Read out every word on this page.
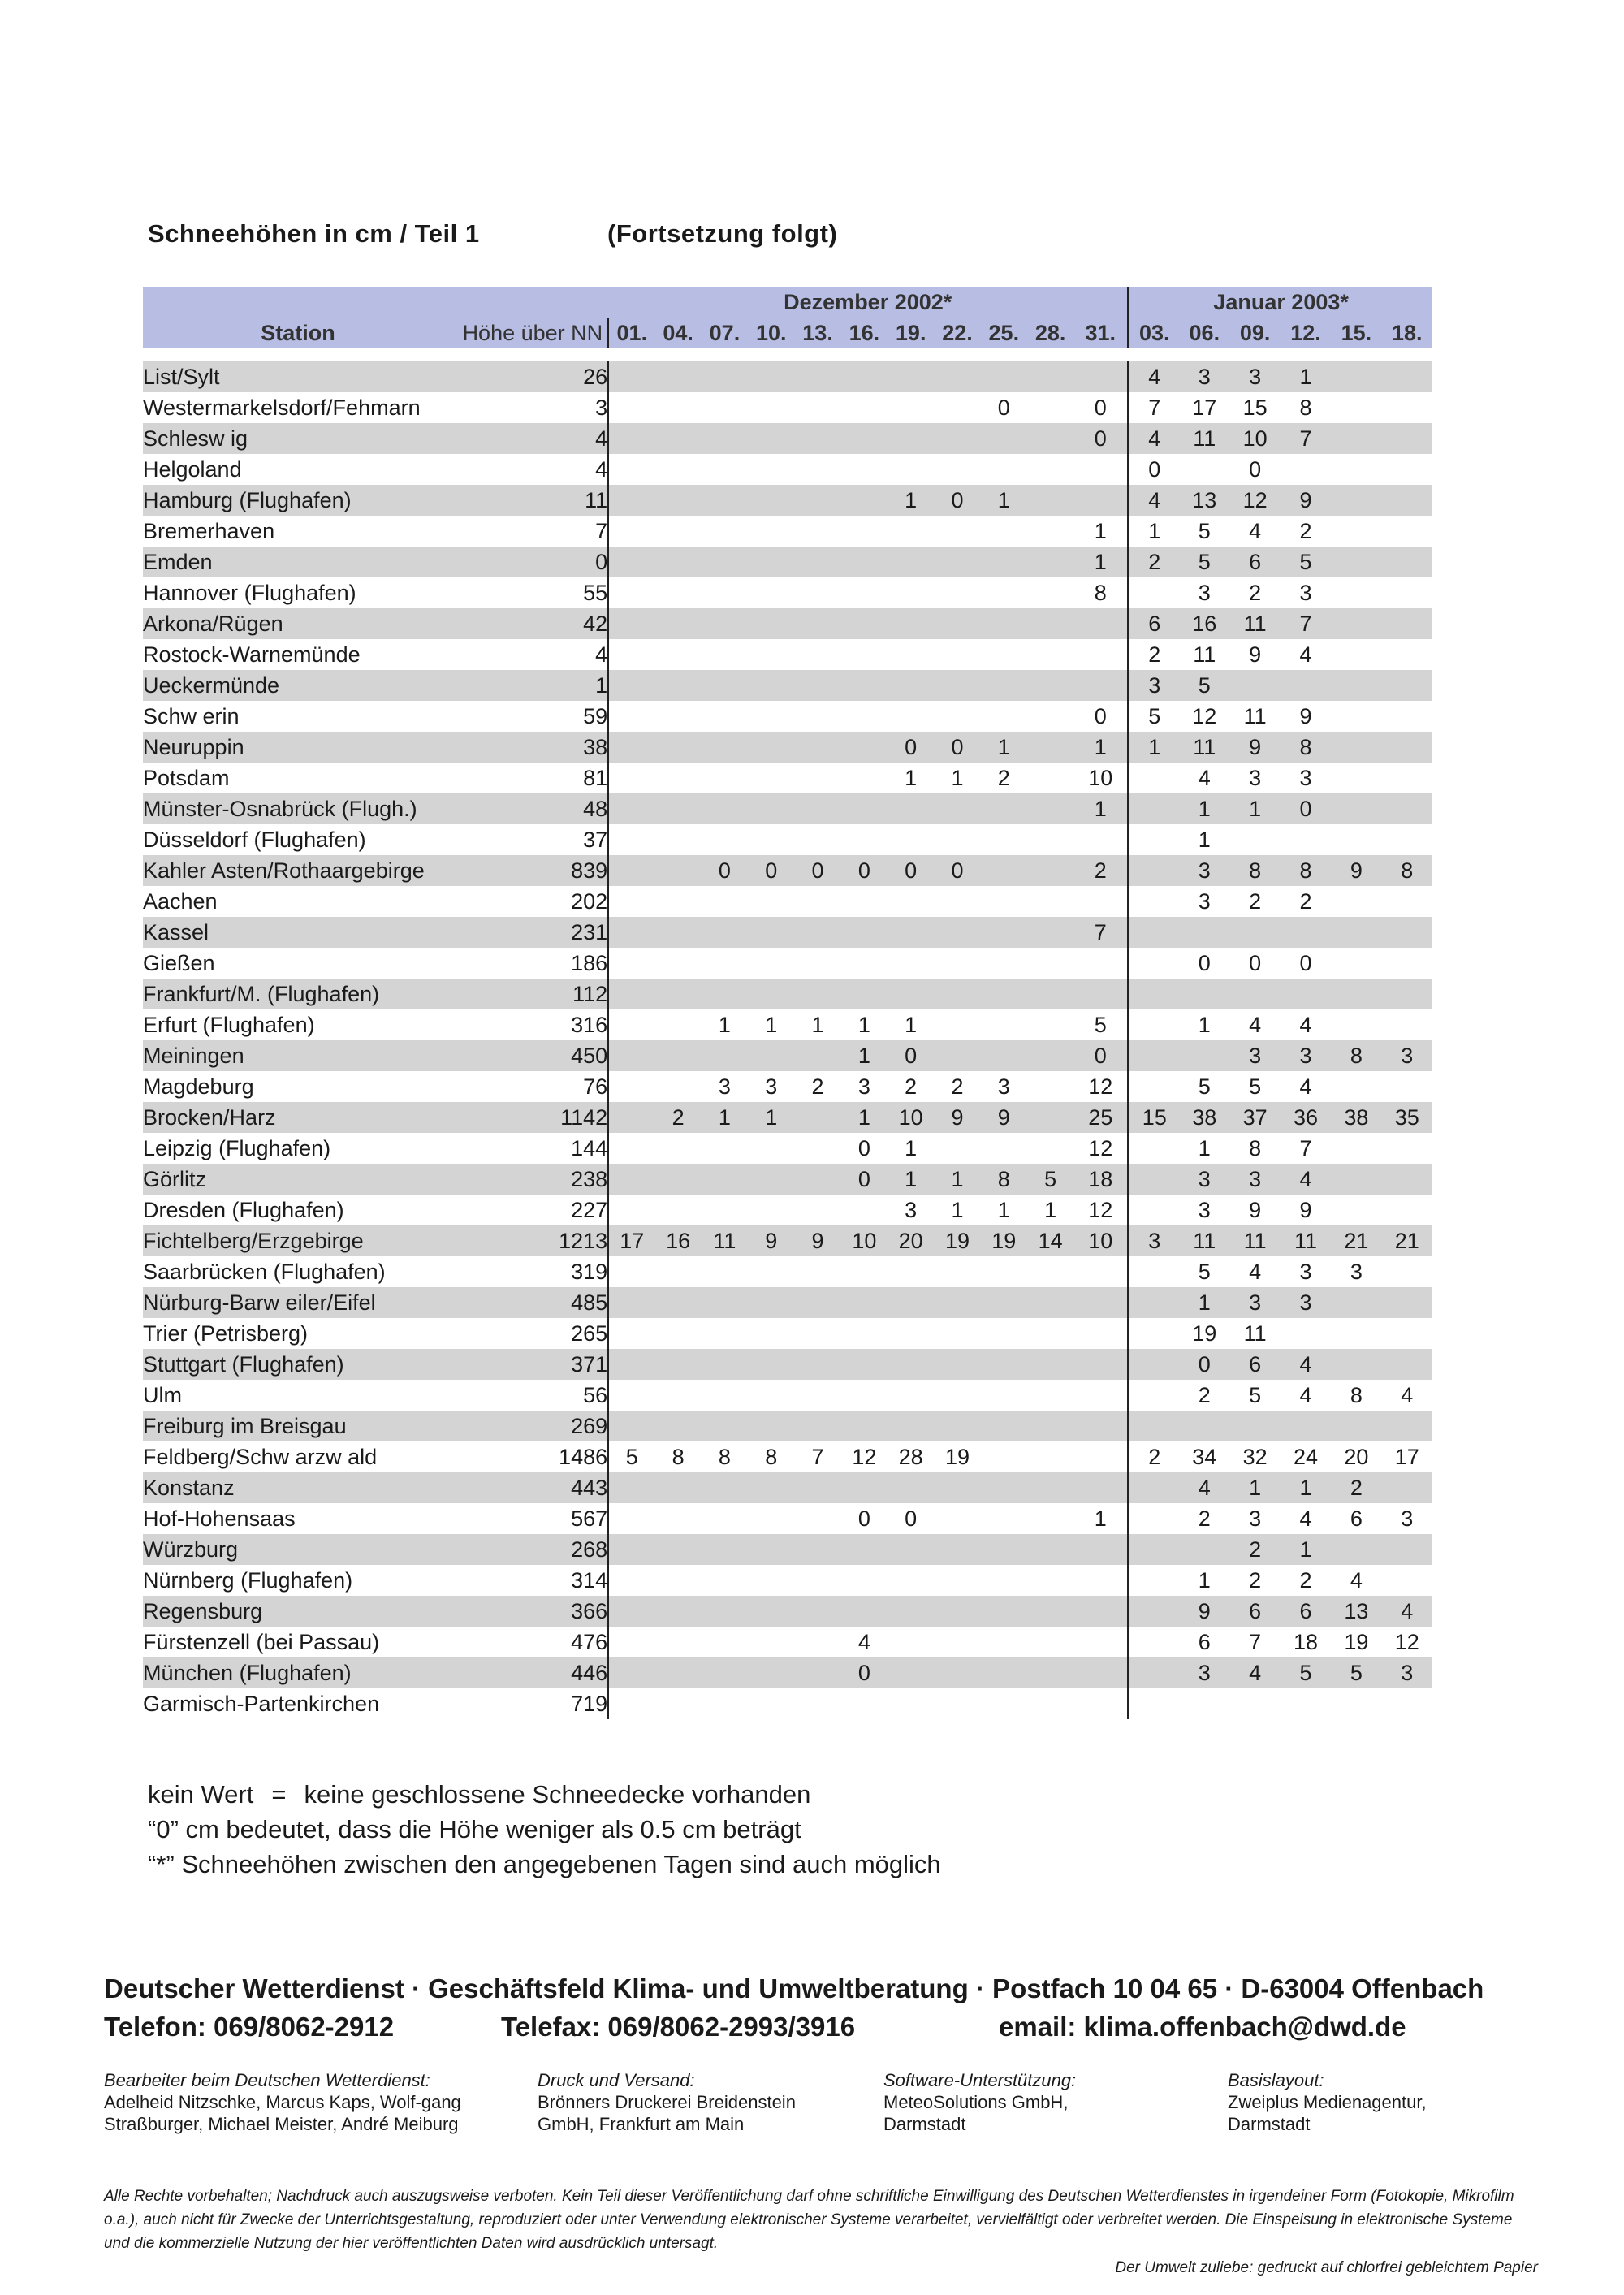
Schneehöhen in cm / Teil 1	(Fortsetzung folgt)
		Dezember 2002*											Januar 2003*					
Station	Höhe über NN	01.	04.	07.	10.	13.	16.	19.	22.	25.	28.	31.	03.	06.	09.	12.	15.	18.

List/Sylt	26												4	3	3	1		
Westermarkelsdorf/Fehmarn	3									0		0	7	17	15	8		
Schlesw ig	4											0	4	11	10	7		
Helgoland	4												0		0			
Hamburg (Flughafen)	11							1	0	1			4	13	12	9		
Bremerhaven	7											1	1	5	4	2		
Emden	0											1	2	5	6	5		
Hannover (Flughafen)	55											8		3	2	3		
Arkona/Rügen	42												6	16	11	7		
Rostock-Warnemünde	4												2	11	9	4		
Ueckermünde	1												3	5				
Schw erin	59											0	5	12	11	9		
Neuruppin	38							0	0	1		1	1	11	9	8		
Potsdam	81							1	1	2		10		4	3	3		
Münster-Osnabrück (Flugh.)	48											1		1	1	0		
Düsseldorf (Flughafen)	37													1				
Kahler Asten/Rothaargebirge	839			0	0	0	0	0	0			2		3	8	8	9	8
Aachen	202													3	2	2		
Kassel	231											7						
Gießen	186													0	0	0		
Frankfurt/M. (Flughafen)	112																	
Erfurt (Flughafen)	316			1	1	1	1	1				5		1	4	4		
Meiningen	450						1	0				0			3	3	8	3
Magdeburg	76			3	3	2	3	2	2	3		12		5	5	4		
Brocken/Harz	1142		2	1	1		1	10	9	9		25	15	38	37	36	38	35
Leipzig (Flughafen)	144						0	1				12		1	8	7		
Görlitz	238						0	1	1	8	5	18		3	3	4		
Dresden (Flughafen)	227							3	1	1	1	12		3	9	9		
Fichtelberg/Erzgebirge	1213	17	16	11	9	9	10	20	19	19	14	10	3	11	11	11	21	21
Saarbrücken (Flughafen)	319													5	4	3	3	
Nürburg-Barw eiler/Eifel	485													1	3	3		
Trier (Petrisberg)	265													19	11			
Stuttgart (Flughafen)	371													0	6	4		
Ulm	56													2	5	4	8	4
Freiburg im Breisgau	269																	
Feldberg/Schw arzw ald	1486	5	8	8	8	7	12	28	19				2	34	32	24	20	17
Konstanz	443													4	1	1	2	
Hof-Hohensaas	567						0	0				1		2	3	4	6	3
Würzburg	268														2	1		
Nürnberg (Flughafen)	314													1	2	2	4	
Regensburg	366													9	6	6	13	4
Fürstenzell (bei Passau)	476						4							6	7	18	19	12
München (Flughafen)	446						0							3	4	5	5	3
Garmisch-Partenkirchen	719																	
kein Wert = keine geschlossene Schneedecke vorhanden
“0” cm bedeutet, dass die Höhe weniger als 0.5 cm beträgt
“*” Schneehöhen zwischen den angegebenen Tagen sind auch möglich
Deutscher Wetterdienst · Geschäftsfeld Klima- und Umweltberatung · Postfach 10 04 65 · D-63004 Offenbach
Telefon: 069/8062-2912	Telefax: 069/8062-2993/3916	email: klima.offenbach@dwd.de
Bearbeiter beim Deutschen Wetterdienst:
Adelheid Nitzschke, Marcus Kaps, Wolf-gang Straßburger, Michael Meister, André Meiburg
Druck und Versand:
Brönners Druckerei Breidenstein GmbH, Frankfurt am Main
Software-Unterstützung:
MeteoSolutions GmbH, Darmstadt
Basislayout:
Zweiplus Medienagentur, Darmstadt
Alle Rechte vorbehalten; Nachdruck auch auszugsweise verboten. Kein Teil dieser Veröffentlichung darf ohne schriftliche Einwilligung des Deutschen Wetterdienstes in irgendeiner Form (Fotokopie, Mikrofilm o.a.), auch nicht für Zwecke der Unterrichtsgestaltung, reproduziert oder unter Verwendung elektronischer Systeme verarbeitet, vervielfältigt oder verbreitet werden. Die Einspeisung in elektronische Systeme und die kommerzielle Nutzung der hier veröffentlichten Daten wird ausdrücklich untersagt.
Der Umwelt zuliebe: gedruckt auf chlorfrei gebleichtem Papier
